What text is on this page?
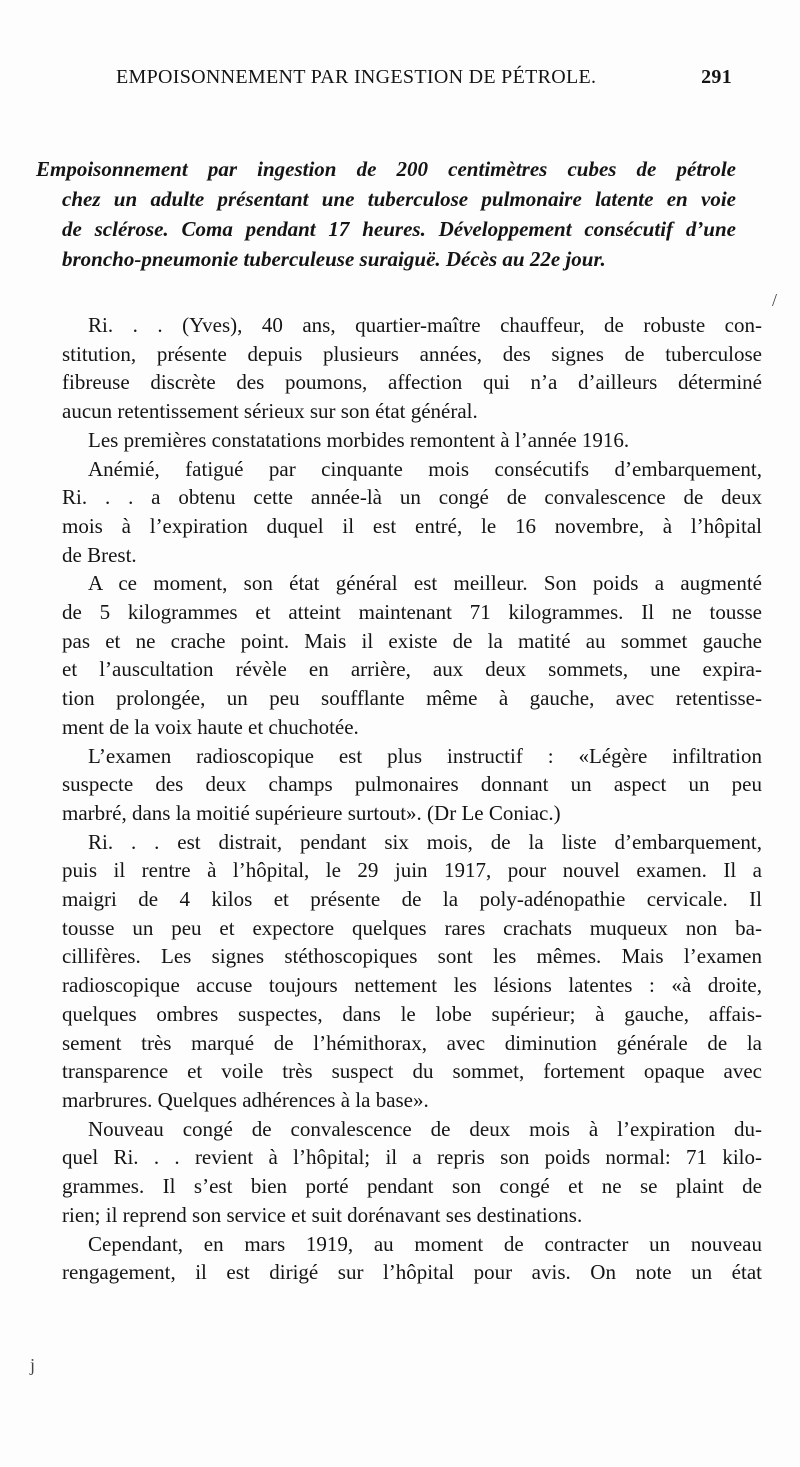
EMPOISONNEMENT PAR INGESTION DE PÉTROLE.	291
Empoisonnement par ingestion de 200 centimètres cubes de pétrole
chez un adulte présentant une tuberculose pulmonaire latente en voie
de sclérose. Coma pendant 17 heures. Développement consécutif d’une
broncho-pneumonie tuberculeuse suraiguë. Décès au 22e jour.
Ri. . . (Yves), 40 ans, quartier-maître chauffeur, de robuste con-
stitution, présente depuis plusieurs années, des signes de tuberculose
fibreuse discrète des poumons, affection qui n’a d’ailleurs déterminé
aucun retentissement sérieux sur son état général.
Les premières constatations morbides remontent à l’année 1916.
Anémié, fatigué par cinquante mois consécutifs d’embarquement,
Ri. . . a obtenu cette année-là un congé de convalescence de deux
mois à l’expiration duquel il est entré, le 16 novembre, à l’hôpital
de Brest.
A ce moment, son état général est meilleur. Son poids a augmenté
de 5 kilogrammes et atteint maintenant 71 kilogrammes. Il ne tousse
pas et ne crache point. Mais il existe de la matité au sommet gauche
et l’auscultation révèle en arrière, aux deux sommets, une expira-
tion prolongée, un peu soufflante même à gauche, avec retentisse-
ment de la voix haute et chuchotée.
L’examen radioscopique est plus instructif : «Légère infiltration
suspecte des deux champs pulmonaires donnant un aspect un peu
marbré, dans la moitié supérieure surtout». (Dr Le Coniac.)
Ri. . . est distrait, pendant six mois, de la liste d’embarquement,
puis il rentre à l’hôpital, le 29 juin 1917, pour nouvel examen. Il a
maigri de 4 kilos et présente de la poly-adénopathie cervicale. Il
tousse un peu et expectore quelques rares crachats muqueux non ba-
cillifères. Les signes stéthoscopiques sont les mêmes. Mais l’examen
radioscopique accuse toujours nettement les lésions latentes : «à droite,
quelques ombres suspectes, dans le lobe supérieur; à gauche, affais-
sement très marqué de l’hémithorax, avec diminution générale de la
transparence et voile très suspect du sommet, fortement opaque avec
marbrures. Quelques adhérences à la base».
Nouveau congé de convalescence de deux mois à l’expiration du-
quel Ri. . . revient à l’hôpital; il a repris son poids normal: 71 kilo-
grammes. Il s’est bien porté pendant son congé et ne se plaint de
rien; il reprend son service et suit dorénavant ses destinations.
Cependant, en mars 1919, au moment de contracter un nouveau
rengagement, il est dirigé sur l’hôpital pour avis. On note un état
/
j
